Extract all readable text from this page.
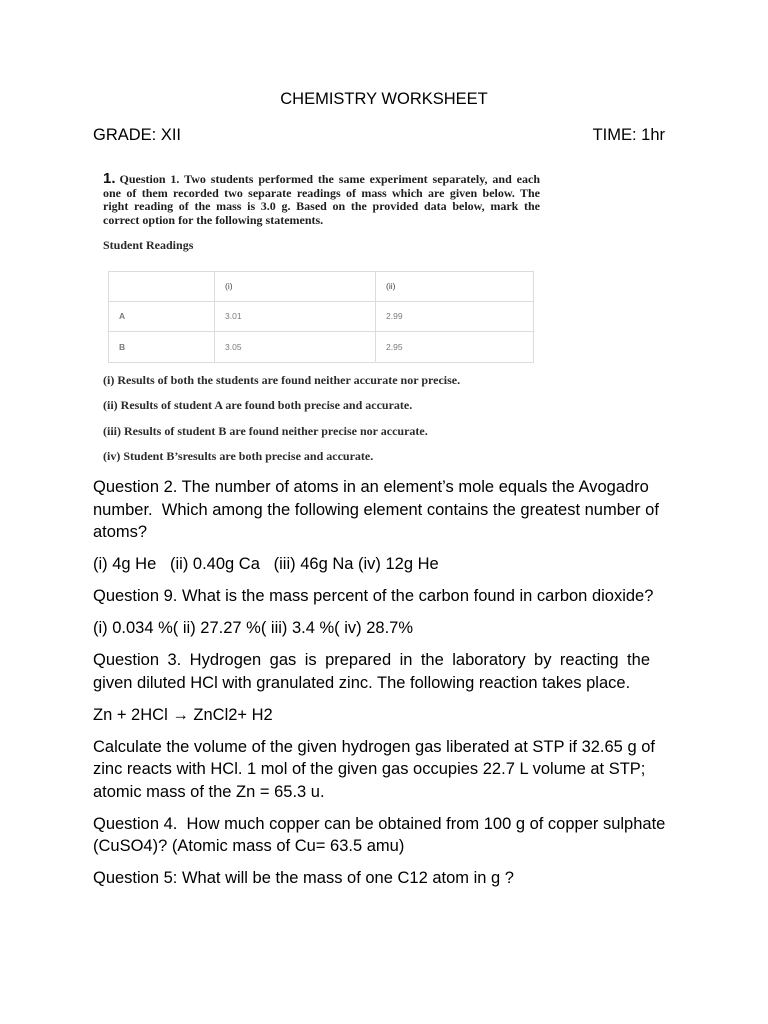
CHEMISTRY WORKSHEET
GRADE: XII	TIME: 1hr
1. Question 1. Two students performed the same experiment separately, and each
one of them recorded two separate readings of mass which are given below. The
right reading of the mass is 3.0 g. Based on the provided data below, mark the
correct option for the following statements.
Student Readings
	(i)	(ii)
A	3.01	2.99
B	3.05	2.95
(i) Results of both the students are found neither accurate nor precise.
(ii) Results of student A are found both precise and accurate.
(iii) Results of student B are found neither precise nor accurate.
(iv) Student B’sresults are both precise and accurate.
Question 2. The number of atoms in an element’s mole equals the Avogadro
number.  Which among the following element contains the greatest number of
atoms?
(i) 4g He   (ii) 0.40g Ca   (iii) 46g Na (iv) 12g He
Question 9. What is the mass percent of the carbon found in carbon dioxide?
(i) 0.034 %( ii) 27.27 %( iii) 3.4 %( iv) 28.7%
Question 3. Hydrogen gas is prepared in the laboratory by reacting the
given diluted HCl with granulated zinc. The following reaction takes place.
Zn + 2HCl → ZnCl2+ H2
Calculate the volume of the given hydrogen gas liberated at STP if 32.65 g of
zinc reacts with HCl. 1 mol of the given gas occupies 22.7 L volume at STP;
atomic mass of the Zn = 65.3 u.
Question 4.  How much copper can be obtained from 100 g of copper sulphate
(CuSO4)? (Atomic mass of Cu= 63.5 amu)
Question 5: What will be the mass of one C12 atom in g ?
